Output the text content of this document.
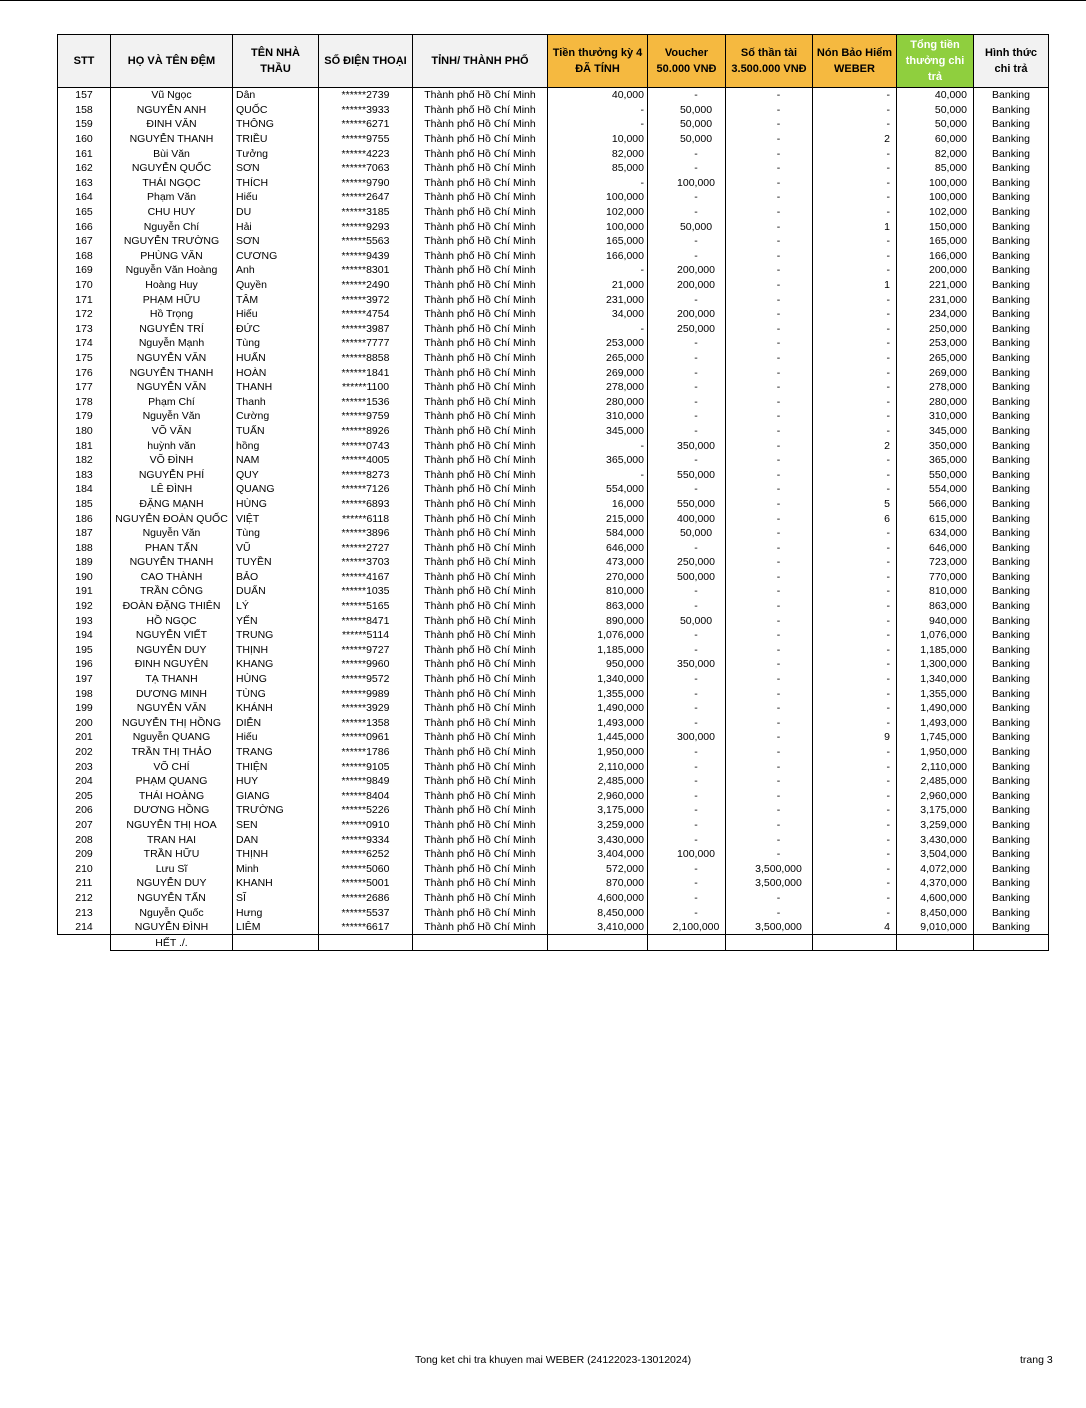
STT	HỌ VÀ TÊN ĐỆM	TÊN NHÀ THẦU	SỐ ĐIỆN THOẠI	TỈNH/ THÀNH PHỐ	Tiền thưởng kỳ 4 ĐÃ TÍNH	Voucher 50.000 VNĐ	Số thần tài 3.500.000 VNĐ	Nón Bảo Hiểm WEBER	Tổng tiền thưởng chi trả	Hình thức chi trả
157	Vũ Ngọc	Dân	******2739	Thành phố Hồ Chí Minh	40,000	-	-	-	40,000	Banking
158	NGUYỄN ANH	QUỐC	******3933	Thành phố Hồ Chí Minh	-	50,000	-	-	50,000	Banking
159	ĐINH VĂN	THÔNG	******6271	Thành phố Hồ Chí Minh	-	50,000	-	-	50,000	Banking
160	NGUYỄN THANH	TRIỀU	******9755	Thành phố Hồ Chí Minh	10,000	50,000	-	2	60,000	Banking
161	Bùi Văn	Tưởng	******4223	Thành phố Hồ Chí Minh	82,000	-	-	-	82,000	Banking
162	NGUYỄN QUỐC	SƠN	******7063	Thành phố Hồ Chí Minh	85,000	-	-	-	85,000	Banking
163	THÁI NGỌC	THÍCH	******9790	Thành phố Hồ Chí Minh	-	100,000	-	-	100,000	Banking
164	Phạm Văn	Hiếu	******2647	Thành phố Hồ Chí Minh	100,000	-	-	-	100,000	Banking
165	CHU HUY	DU	******3185	Thành phố Hồ Chí Minh	102,000	-	-	-	102,000	Banking
166	Nguyễn Chí	Hải	******9293	Thành phố Hồ Chí Minh	100,000	50,000	-	1	150,000	Banking
167	NGUYỄN TRƯỜNG	SƠN	******5563	Thành phố Hồ Chí Minh	165,000	-	-	-	165,000	Banking
168	PHÙNG VĂN	CƯƠNG	******9439	Thành phố Hồ Chí Minh	166,000	-	-	-	166,000	Banking
169	Nguyễn Văn Hoàng	Anh	******8301	Thành phố Hồ Chí Minh	-	200,000	-	-	200,000	Banking
170	Hoàng Huy	Quyền	******2490	Thành phố Hồ Chí Minh	21,000	200,000	-	1	221,000	Banking
171	PHẠM HỮU	TÂM	******3972	Thành phố Hồ Chí Minh	231,000	-	-	-	231,000	Banking
172	Hồ Trọng	Hiếu	******4754	Thành phố Hồ Chí Minh	34,000	200,000	-	-	234,000	Banking
173	NGUYỄN TRÍ	ĐỨC	******3987	Thành phố Hồ Chí Minh	-	250,000	-	-	250,000	Banking
174	Nguyễn Mạnh	Tùng	******7777	Thành phố Hồ Chí Minh	253,000	-	-	-	253,000	Banking
175	NGUYỄN VĂN	HUẤN	******8858	Thành phố Hồ Chí Minh	265,000	-	-	-	265,000	Banking
176	NGUYỄN THANH	HOÀN	******1841	Thành phố Hồ Chí Minh	269,000	-	-	-	269,000	Banking
177	NGUYỄN VĂN	THANH	******1100	Thành phố Hồ Chí Minh	278,000	-	-	-	278,000	Banking
178	Phạm Chí	Thanh	******1536	Thành phố Hồ Chí Minh	280,000	-	-	-	280,000	Banking
179	Nguyễn Văn	Cường	******9759	Thành phố Hồ Chí Minh	310,000	-	-	-	310,000	Banking
180	VÕ VĂN	TUẤN	******8926	Thành phố Hồ Chí Minh	345,000	-	-	-	345,000	Banking
181	huỳnh văn	hồng	******0743	Thành phố Hồ Chí Minh	-	350,000	-	2	350,000	Banking
182	VÕ ĐÌNH	NAM	******4005	Thành phố Hồ Chí Minh	365,000	-	-	-	365,000	Banking
183	NGUYỄN PHÍ	QUY	******8273	Thành phố Hồ Chí Minh	-	550,000	-	-	550,000	Banking
184	LÊ ĐÌNH	QUANG	******7126	Thành phố Hồ Chí Minh	554,000	-	-	-	554,000	Banking
185	ĐẶNG MẠNH	HÙNG	******6893	Thành phố Hồ Chí Minh	16,000	550,000	-	5	566,000	Banking
186	NGUYỄN ĐOÀN QUỐC	VIỆT	******6118	Thành phố Hồ Chí Minh	215,000	400,000	-	6	615,000	Banking
187	Nguyễn Văn	Tùng	******3896	Thành phố Hồ Chí Minh	584,000	50,000	-	-	634,000	Banking
188	PHAN TẤN	VŨ	******2727	Thành phố Hồ Chí Minh	646,000	-	-	-	646,000	Banking
189	NGUYỄN THANH	TUYỀN	******3703	Thành phố Hồ Chí Minh	473,000	250,000	-	-	723,000	Banking
190	CAO THÀNH	BẢO	******4167	Thành phố Hồ Chí Minh	270,000	500,000	-	-	770,000	Banking
191	TRẦN CÔNG	DUẨN	******1035	Thành phố Hồ Chí Minh	810,000	-	-	-	810,000	Banking
192	ĐOÀN ĐẶNG THIÊN	LÝ	******5165	Thành phố Hồ Chí Minh	863,000	-	-	-	863,000	Banking
193	HỒ NGỌC	YẾN	******8471	Thành phố Hồ Chí Minh	890,000	50,000	-	-	940,000	Banking
194	NGUYỄN VIẾT	TRUNG	******5114	Thành phố Hồ Chí Minh	1,076,000	-	-	-	1,076,000	Banking
195	NGUYỄN DUY	THỊNH	******9727	Thành phố Hồ Chí Minh	1,185,000	-	-	-	1,185,000	Banking
196	ĐINH NGUYÊN	KHANG	******9960	Thành phố Hồ Chí Minh	950,000	350,000	-	-	1,300,000	Banking
197	TẠ THANH	HÙNG	******9572	Thành phố Hồ Chí Minh	1,340,000	-	-	-	1,340,000	Banking
198	DƯƠNG MINH	TÙNG	******9989	Thành phố Hồ Chí Minh	1,355,000	-	-	-	1,355,000	Banking
199	NGUYỄN VĂN	KHÁNH	******3929	Thành phố Hồ Chí Minh	1,490,000	-	-	-	1,490,000	Banking
200	NGUYỄN THỊ HỒNG	DIỄN	******1358	Thành phố Hồ Chí Minh	1,493,000	-	-	-	1,493,000	Banking
201	Nguyễn QUANG	Hiếu	******0961	Thành phố Hồ Chí Minh	1,445,000	300,000	-	9	1,745,000	Banking
202	TRẦN THỊ THẢO	TRANG	******1786	Thành phố Hồ Chí Minh	1,950,000	-	-	-	1,950,000	Banking
203	VÕ CHÍ	THIỆN	******9105	Thành phố Hồ Chí Minh	2,110,000	-	-	-	2,110,000	Banking
204	PHẠM QUANG	HUY	******9849	Thành phố Hồ Chí Minh	2,485,000	-	-	-	2,485,000	Banking
205	THÁI HOÀNG	GIANG	******8404	Thành phố Hồ Chí Minh	2,960,000	-	-	-	2,960,000	Banking
206	DƯƠNG HỒNG	TRƯỜNG	******5226	Thành phố Hồ Chí Minh	3,175,000	-	-	-	3,175,000	Banking
207	NGUYỄN THỊ HOA	SEN	******0910	Thành phố Hồ Chí Minh	3,259,000	-	-	-	3,259,000	Banking
208	TRAN HAI	DAN	******9334	Thành phố Hồ Chí Minh	3,430,000	-	-	-	3,430,000	Banking
209	TRẦN HỮU	THỊNH	******6252	Thành phố Hồ Chí Minh	3,404,000	100,000	-	-	3,504,000	Banking
210	Lưu Sĩ	Minh	******5060	Thành phố Hồ Chí Minh	572,000	-	3,500,000	-	4,072,000	Banking
211	NGUYỄN DUY	KHANH	******5001	Thành phố Hồ Chí Minh	870,000	-	3,500,000	-	4,370,000	Banking
212	NGUYỄN TẤN	SĨ	******2686	Thành phố Hồ Chí Minh	4,600,000	-	-	-	4,600,000	Banking
213	Nguyễn Quốc	Hưng	******5537	Thành phố Hồ Chí Minh	8,450,000	-	-	-	8,450,000	Banking
214	NGUYỄN ĐÌNH	LIÊM	******6617	Thành phố Hồ Chí Minh	3,410,000	2,100,000	3,500,000	4	9,010,000	Banking
	HẾT ./.									
Tong ket chi tra khuyen mai WEBER (24122023-13012024)	trang 3
